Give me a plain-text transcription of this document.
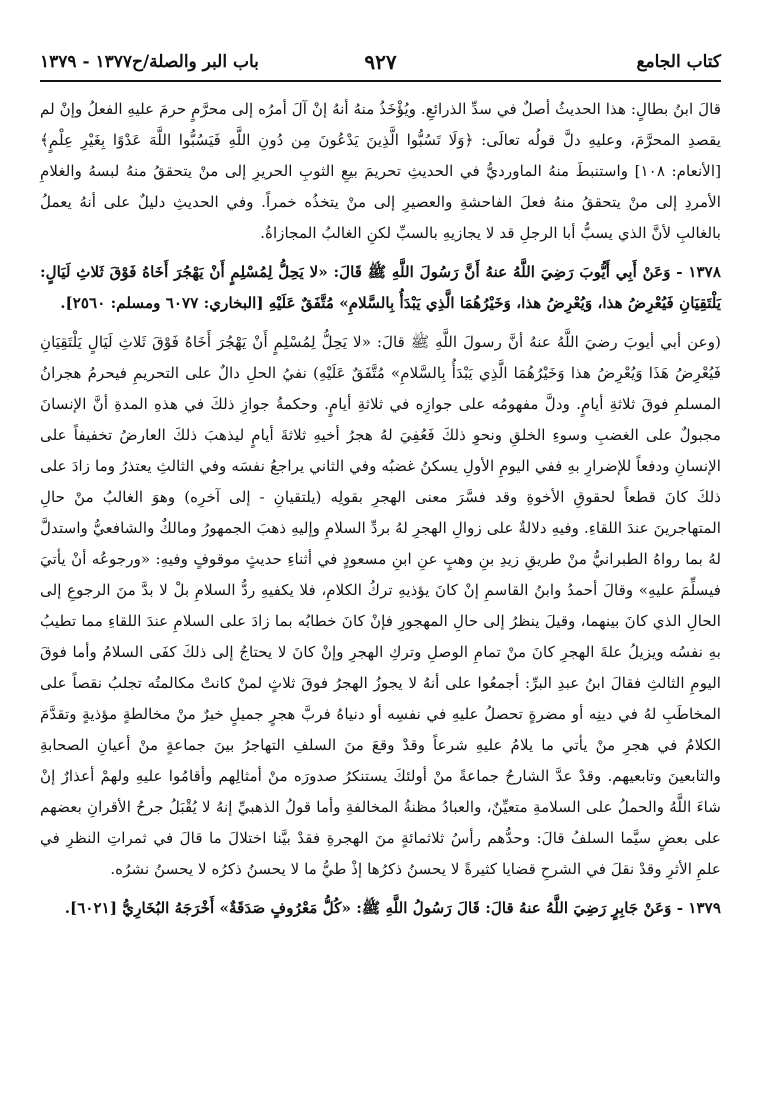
كتاب الجامع
٩٢٧
باب البر والصلة/ح١٣٧٧ - ١٣٧٩

قالَ ابنُ بطالٍ: هذا الحديثُ أصلٌ في سدِّ الذرائعِ. ويُؤْخَذُ منهُ أنهُ إنْ آلَ أمرُه إلى محرَّمٍ حرمَ عليهِ الفعلُ وإنْ لم يقصدِ المحرَّمَ، وعليهِ دلَّ قولُه تعالَى: ﴿وَلَا تَسُبُّوا الَّذِينَ يَدْعُونَ مِن دُونِ اللَّهِ فَيَسُبُّوا اللَّهَ عَدْوًا بِغَيْرِ عِلْمٍ﴾ [الأنعام: ١٠٨] واستنبطَ منهُ الماورديُّ في الحديثِ تحريمَ بيعِ الثوبِ الحريرِ إلى منْ يتحققُ منهُ لبسهُ والغلامِ الأمردِ إلى منْ يتحققُ منهُ فعلَ الفاحشةِ والعصيرِ إلى منْ يتخذُه خمراً. وفي الحديثِ دليلٌ على أنهُ يعملُ بالغالبِ لأنَّ الذي يسبُّ أبا الرجلِ قد لا يجازيهِ بالسبِّ لكنِ الغالبُ المجازاةُ.

١٣٧٨ - وَعَنْ أَبِي أَيُّوبَ رَضِيَ اللَّهُ عنهُ أَنَّ رَسُولَ اللَّهِ ﷺ قَالَ: «لا يَحِلُّ لِمُسْلِمٍ أَنْ يَهْجُرَ أَخَاهُ فَوْقَ ثَلاثِ لَيَالٍ: يَلْتَقِيَانِ فَيُعْرِضُ هذا، وَيُعْرِضُ هذا، وَخَيْرُهُمَا الَّذِي يَبْدَأُ بِالسَّلامِ» مُتَّفَقٌ عَلَيْهِ [البخاري: ٦٠٧٧ ومسلم: ٢٥٦٠].

(وعن أبي أيوبَ رضيَ اللَّهُ عنهُ أنَّ رسولَ اللَّهِ ﷺ قالَ: «لا يَحِلُّ لِمُسْلِمٍ أَنْ يَهْجُرَ أَخَاهُ فَوْقَ ثَلاثِ لَيَالٍ يَلْتَقِيَانِ فَيُعْرِضُ هَذَا وَيُعْرِضُ هذا وَخَيْرُهُمَا الَّذِي يَبْدَأُ بِالسَّلامِ» مُتَّفَقٌ عَلَيْهِ) نفيُ الحلِ دالٌ على التحريمِ فيحرمُ هجرانُ المسلمِ فوقَ ثلاثةِ أيامٍ. ودلَّ مفهومُه على جوازِه في ثلاثةِ أيامٍ. وحكمةُ جوازِ ذلكَ في هذهِ المدةِ أنَّ الإنسانَ مجبولٌ على الغضبِ وسوءِ الخلقِ ونحوِ ذلكَ فَعُفِيَ لهُ هجرُ أخيهِ ثلاثةَ أيامٍ ليذهبَ ذلكَ العارضُ تخفيفاً على الإنسانِ ودفعاً للإضرارِ بهِ ففي اليومِ الأولِ يسكنُ غضبُه وفي الثاني يراجعُ نفسَه وفي الثالثِ يعتذرُ وما زادَ على ذلكَ كانَ قطعاً لحقوقِ الأخوةِ وقد فسَّرَ معنى الهجرِ بقولِه (يلتقيانِ - إلى آخرِه) وهوَ الغالبُ منْ حالِ المتهاجرينَ عندَ اللقاءِ. وفيهِ دلالةٌ على زوالِ الهجرِ لهُ بردِّ السلامِ وإليهِ ذهبَ الجمهورُ ومالكٌ والشافعيُّ واستدلَّ لهُ بما رواهُ الطبرانيُّ منْ طريقِ زيدِ بنِ وهبٍ عنِ ابنِ مسعودٍ في أثناءِ حديثٍ موقوفٍ وفيهِ: «ورجوعُه أنْ يأتيَ فيسلِّمَ عليهِ» وقالَ أحمدُ وابنُ القاسمِ إنْ كانَ يؤذيهِ تركُ الكلامِ، فلا يكفيهِ ردُّ السلامِ بلْ لا بدَّ منَ الرجوعِ إلى الحالِ الذي كانَ بينهما، وقيلَ ينظرُ إلى حالِ المهجورِ فإنْ كانَ خطابُه بما زادَ على السلامِ عندَ اللقاءِ مما تطيبُ بهِ نفسُه ويزيلُ علةَ الهجرِ كانَ منْ تمامِ الوصلِ وتركِ الهجرِ وإنْ كانَ لا يحتاجُ إلى ذلكَ كفَى السلامُ وأما فوقَ اليومِ الثالثِ فقالَ ابنُ عبدِ البرِّ: أجمعُوا على أنهُ لا يجوزُ الهجرُ فوقَ ثلاثٍ لمنْ كانتْ مكالمتُه تجلبُ نقصاً على المخاطَبِ لهُ في دينِه أو مضرةٍ تحصلُ عليهِ في نفسِه أو دنياهُ فربَّ هجرٍ جميلٍ خيرٌ منْ مخالطةٍ مؤذيةٍ وتقدَّمَ الكلامُ في هجرِ منْ يأتي ما يلامُ عليهِ شرعاً وقدْ وقعَ منَ السلفِ التهاجرُ بينَ جماعةٍ منْ أعيانِ الصحابةِ والتابعينَ وتابعيهم. وقدْ عدَّ الشارحُ جماعةً منْ أولئكَ يستنكرُ صدورَه منْ أمثالِهم وأقامُوا عليهِ ولهمْ أعذارٌ إنْ شاءَ اللَّهُ والحملُ على السلامةِ متعيِّنٌ، والعبادُ مظنةُ المخالفةِ وأما قولُ الذهبيِّ إنهُ لا يُقْبَلُ جرحُ الأقرانِ بعضهم على بعضٍ سيَّما السلفُ قالَ: وحدُّهم رأسُ ثلاثمائةٍ منَ الهجرةِ فقدْ بيَّنا اختلالَ ما قالَ في ثمراتِ النظرِ في علمِ الأثرِ وقدْ نقلَ في الشرحِ قضايا كثيرةً لا يحسنُ ذكرُها إذْ طيُّ ما لا يحسنُ ذكرُه لا يحسنُ نشرُه.

١٣٧٩ - وَعَنْ جَابِرٍ رَضِيَ اللَّهُ عنهُ قالَ: قَالَ رَسُولُ اللَّهِ ﷺ: «كُلُّ مَعْرُوفٍ صَدَقَةٌ» أَخْرَجَهُ البُخَارِيُّ [٦٠٢١].
